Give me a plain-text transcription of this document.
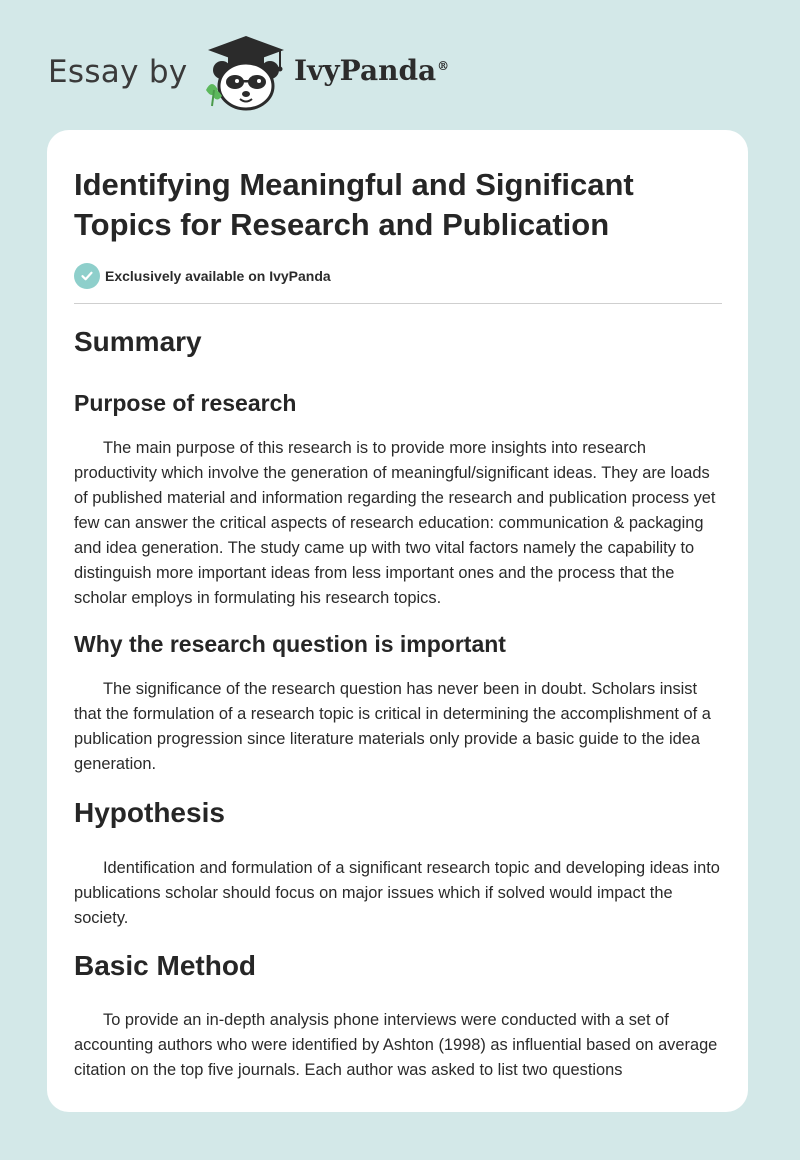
Essay by	IvyPanda®
Identifying Meaningful and Significant Topics for Research and Publication
Exclusively available on IvyPanda
Summary
Purpose of research

The main purpose of this research is to provide more insights into research productivity which involve the generation of meaningful/significant ideas. They are loads of published material and information regarding the research and publication process yet few can answer the critical aspects of research education: communication & packaging and idea generation. The study came up with two vital factors namely the capability to distinguish more important ideas from less important ones and the process that the scholar employs in formulating his research topics.

Why the research question is important

The significance of the research question has never been in doubt. Scholars insist that the formulation of a research topic is critical in determining the accomplishment of a publication progression since literature materials only provide a basic guide to the idea generation.

Hypothesis

Identification and formulation of a significant research topic and developing ideas into publications scholar should focus on major issues which if solved would impact the society.

Basic Method

To provide an in-depth analysis phone interviews were conducted with a set of accounting authors who were identified by Ashton (1998) as influential based on average citation on the top five journals. Each author was asked to list two questions
